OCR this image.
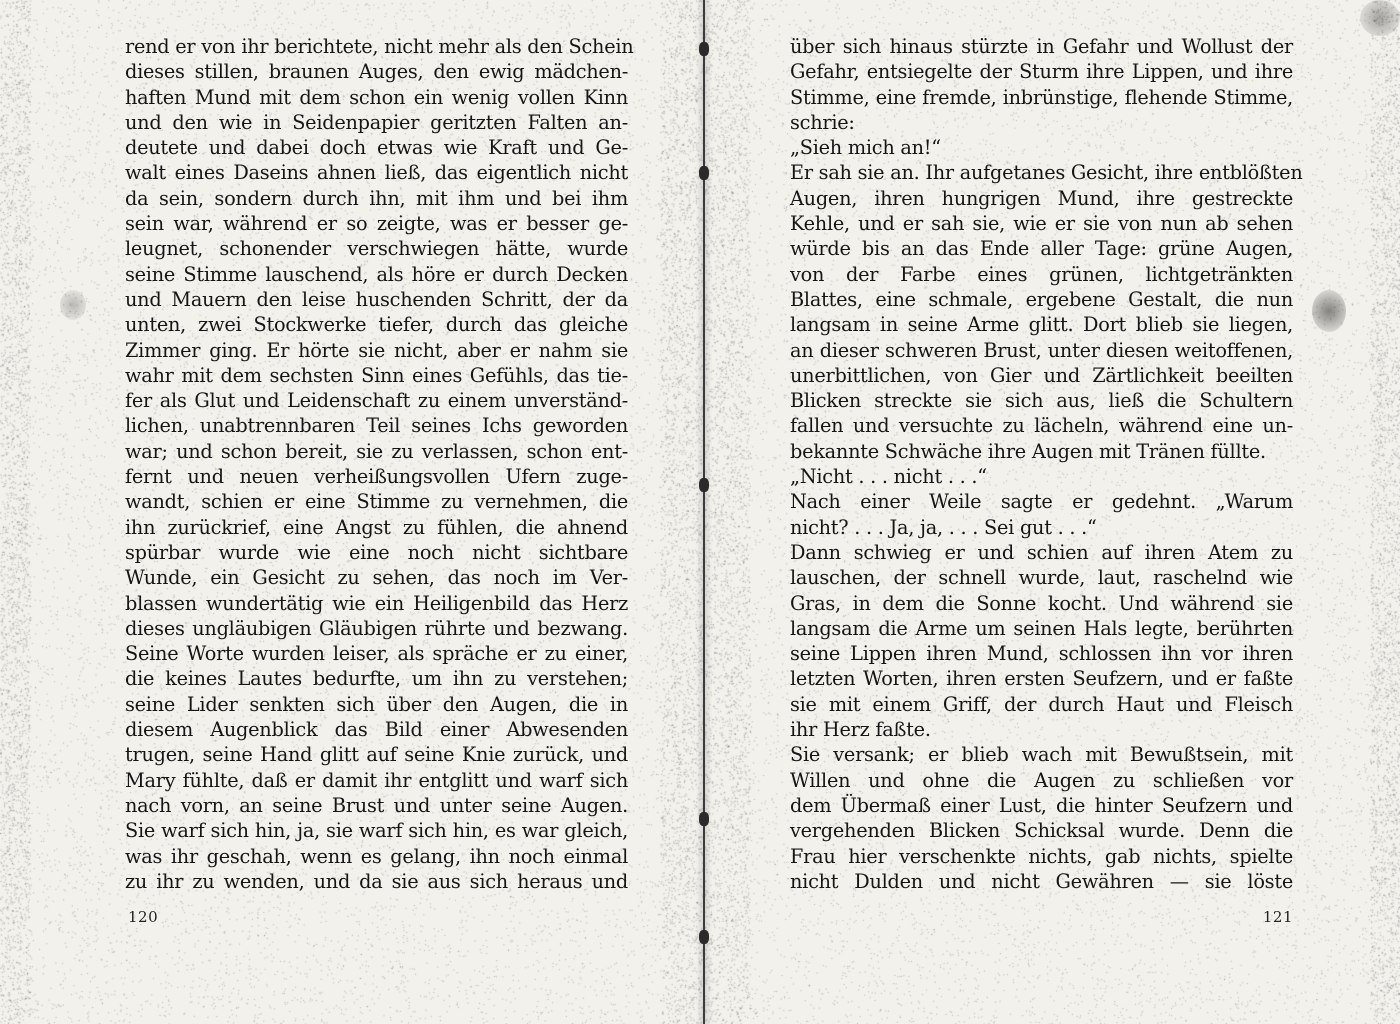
rend er von ihr berichtete, nicht mehr als den Schein
dieses stillen, braunen Auges, den ewig mädchen-
haften Mund mit dem schon ein wenig vollen Kinn
und den wie in Seidenpapier geritzten Falten an-
deutete und dabei doch etwas wie Kraft und Ge-
walt eines Daseins ahnen ließ, das eigentlich nicht
da sein, sondern durch ihn, mit ihm und bei ihm
sein war, während er so zeigte, was er besser ge-
leugnet, schonender verschwiegen hätte, wurde
seine Stimme lauschend, als höre er durch Decken
und Mauern den leise huschenden Schritt, der da
unten, zwei Stockwerke tiefer, durch das gleiche
Zimmer ging. Er hörte sie nicht, aber er nahm sie
wahr mit dem sechsten Sinn eines Gefühls, das tie-
fer als Glut und Leidenschaft zu einem unverständ-
lichen, unabtrennbaren Teil seines Ichs geworden
war; und schon bereit, sie zu verlassen, schon ent-
fernt und neuen verheißungsvollen Ufern zuge-
wandt, schien er eine Stimme zu vernehmen, die
ihn zurückrief, eine Angst zu fühlen, die ahnend
spürbar wurde wie eine noch nicht sichtbare
Wunde, ein Gesicht zu sehen, das noch im Ver-
blassen wundertätig wie ein Heiligenbild das Herz
dieses ungläubigen Gläubigen rührte und bezwang.
Seine Worte wurden leiser, als spräche er zu einer,
die keines Lautes bedurfte, um ihn zu verstehen;
seine Lider senkten sich über den Augen, die in
diesem Augenblick das Bild einer Abwesenden
trugen, seine Hand glitt auf seine Knie zurück, und
Mary fühlte, daß er damit ihr entglitt und warf sich
nach vorn, an seine Brust und unter seine Augen.
Sie warf sich hin, ja, sie warf sich hin, es war gleich,
was ihr geschah, wenn es gelang, ihn noch einmal
zu ihr zu wenden, und da sie aus sich heraus und
120
über sich hinaus stürzte in Gefahr und Wollust der
Gefahr, entsiegelte der Sturm ihre Lippen, und ihre
Stimme, eine fremde, inbrünstige, flehende Stimme,
schrie:
„Sieh mich an!“
Er sah sie an. Ihr aufgetanes Gesicht, ihre entblößten
Augen, ihren hungrigen Mund, ihre gestreckte
Kehle, und er sah sie, wie er sie von nun ab sehen
würde bis an das Ende aller Tage: grüne Augen,
von der Farbe eines grünen, lichtgetränkten
Blattes, eine schmale, ergebene Gestalt, die nun
langsam in seine Arme glitt. Dort blieb sie liegen,
an dieser schweren Brust, unter diesen weitoffenen,
unerbittlichen, von Gier und Zärtlichkeit beeilten
Blicken streckte sie sich aus, ließ die Schultern
fallen und versuchte zu lächeln, während eine un-
bekannte Schwäche ihre Augen mit Tränen füllte.
„Nicht . . . nicht . . .“
Nach einer Weile sagte er gedehnt. „Warum
nicht? . . . Ja, ja, . . . Sei gut . . .“
Dann schwieg er und schien auf ihren Atem zu
lauschen, der schnell wurde, laut, raschelnd wie
Gras, in dem die Sonne kocht. Und während sie
langsam die Arme um seinen Hals legte, berührten
seine Lippen ihren Mund, schlossen ihn vor ihren
letzten Worten, ihren ersten Seufzern, und er faßte
sie mit einem Griff, der durch Haut und Fleisch
ihr Herz faßte.
Sie versank; er blieb wach mit Bewußtsein, mit
Willen und ohne die Augen zu schließen vor
dem Übermaß einer Lust, die hinter Seufzern und
vergehenden Blicken Schicksal wurde. Denn die
Frau hier verschenkte nichts, gab nichts, spielte
nicht Dulden und nicht Gewähren — sie löste
121
